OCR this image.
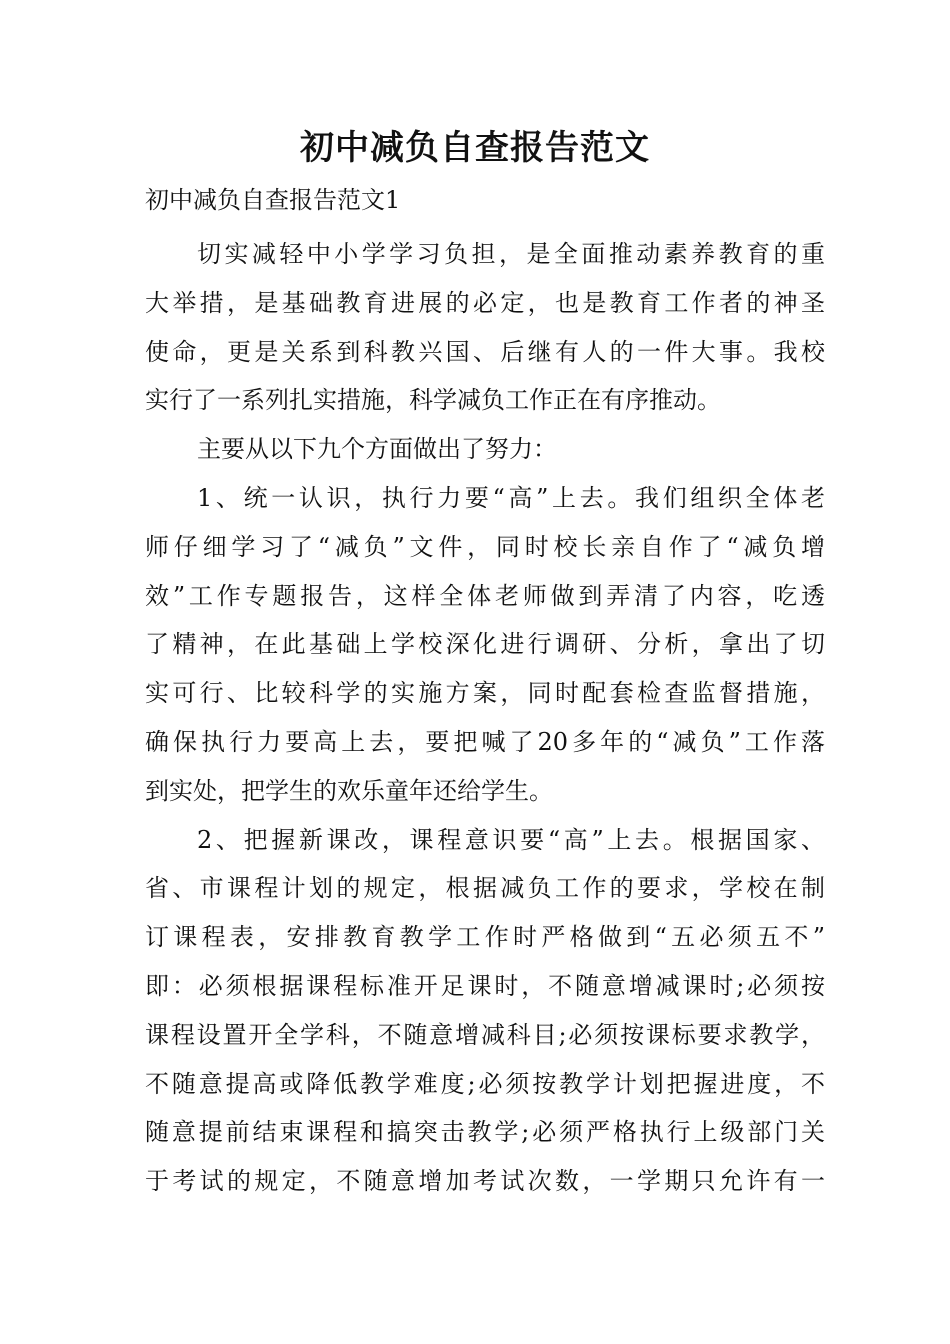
初中减负自查报告范文

初中减负自查报告范文1

切实减轻中小学学习负担，是全面推动素养教育的重
大举措，是基础教育进展的必定，也是教育工作者的神圣
使命，更是关系到科教兴国、后继有人的一件大事。我校
实行了一系列扎实措施，科学减负工作正在有序推动。
主要从以下九个方面做出了努力：
1、统一认识，执行力要“高”上去。我们组织全体老
师仔细学习了“减负”文件，同时校长亲自作了“减负增
效”工作专题报告，这样全体老师做到弄清了内容，吃透
了精神，在此基础上学校深化进行调研、分析，拿出了切
实可行、比较科学的实施方案，同时配套检查监督措施，
确保执行力要高上去，要把喊了20多年的“减负”工作落
到实处，把学生的欢乐童年还给学生。
2、把握新课改，课程意识要“高”上去。根据国家、
省、市课程计划的规定，根据减负工作的要求，学校在制
订课程表，安排教育教学工作时严格做到“五必须五不”
即：必须根据课程标准开足课时，不随意增减课时;必须按
课程设置开全学科，不随意增减科目;必须按课标要求教学，
不随意提高或降低教学难度;必须按教学计划把握进度，不
随意提前结束课程和搞突击教学;必须严格执行上级部门关
于考试的规定，不随意增加考试次数，一学期只允许有一
